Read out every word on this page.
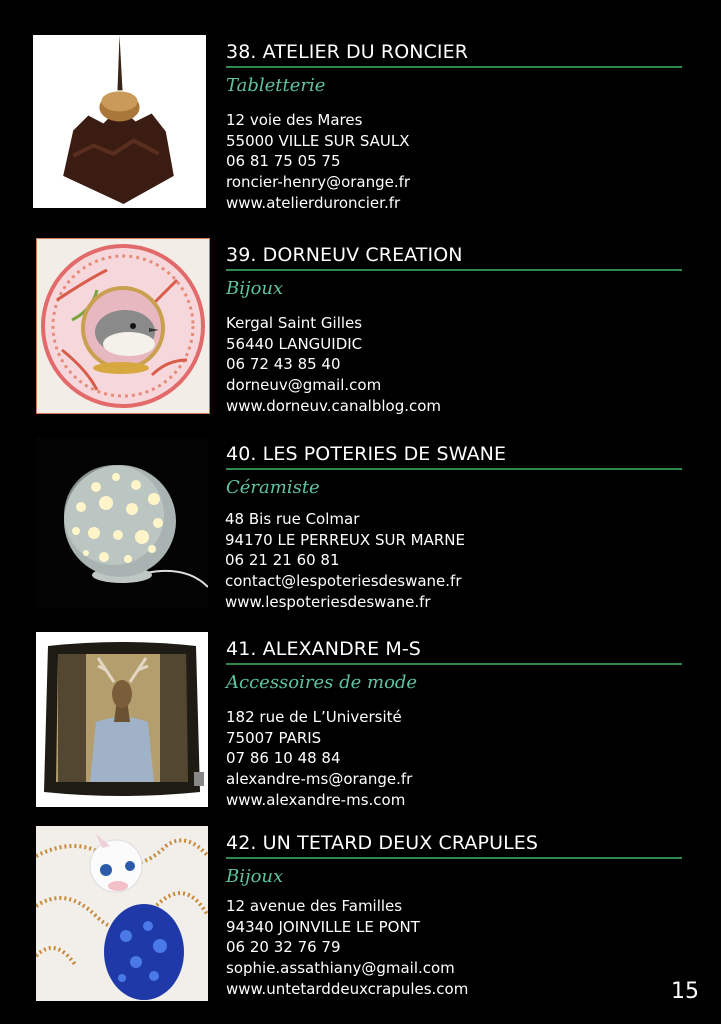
38. ATELIER DU RONCIER
Tabletterie
12 voie des Mares
55000 VILLE SUR SAULX
06 81 75 05 75
roncier-henry@orange.fr
www.atelierduroncier.fr
39. DORNEUV CREATION
Bijoux
Kergal Saint Gilles
56440 LANGUIDIC
06 72 43 85 40
dorneuv@gmail.com
www.dorneuv.canalblog.com
40. LES POTERIES DE SWANE
Céramiste
48 Bis rue Colmar
94170 LE PERREUX SUR MARNE
06 21 21 60 81
contact@lespoteriesdeswane.fr
www.lespoteriesdeswane.fr
41. ALEXANDRE M-S
Accessoires de mode
182 rue de L’Université
75007 PARIS
07 86 10 48 84
alexandre-ms@orange.fr
www.alexandre-ms.com
42. UN TETARD DEUX CRAPULES
Bijoux
12 avenue des Familles
94340 JOINVILLE LE PONT
06 20 32 76 79
sophie.assathiany@gmail.com
www.untetarddeuxcrapules.com	15
